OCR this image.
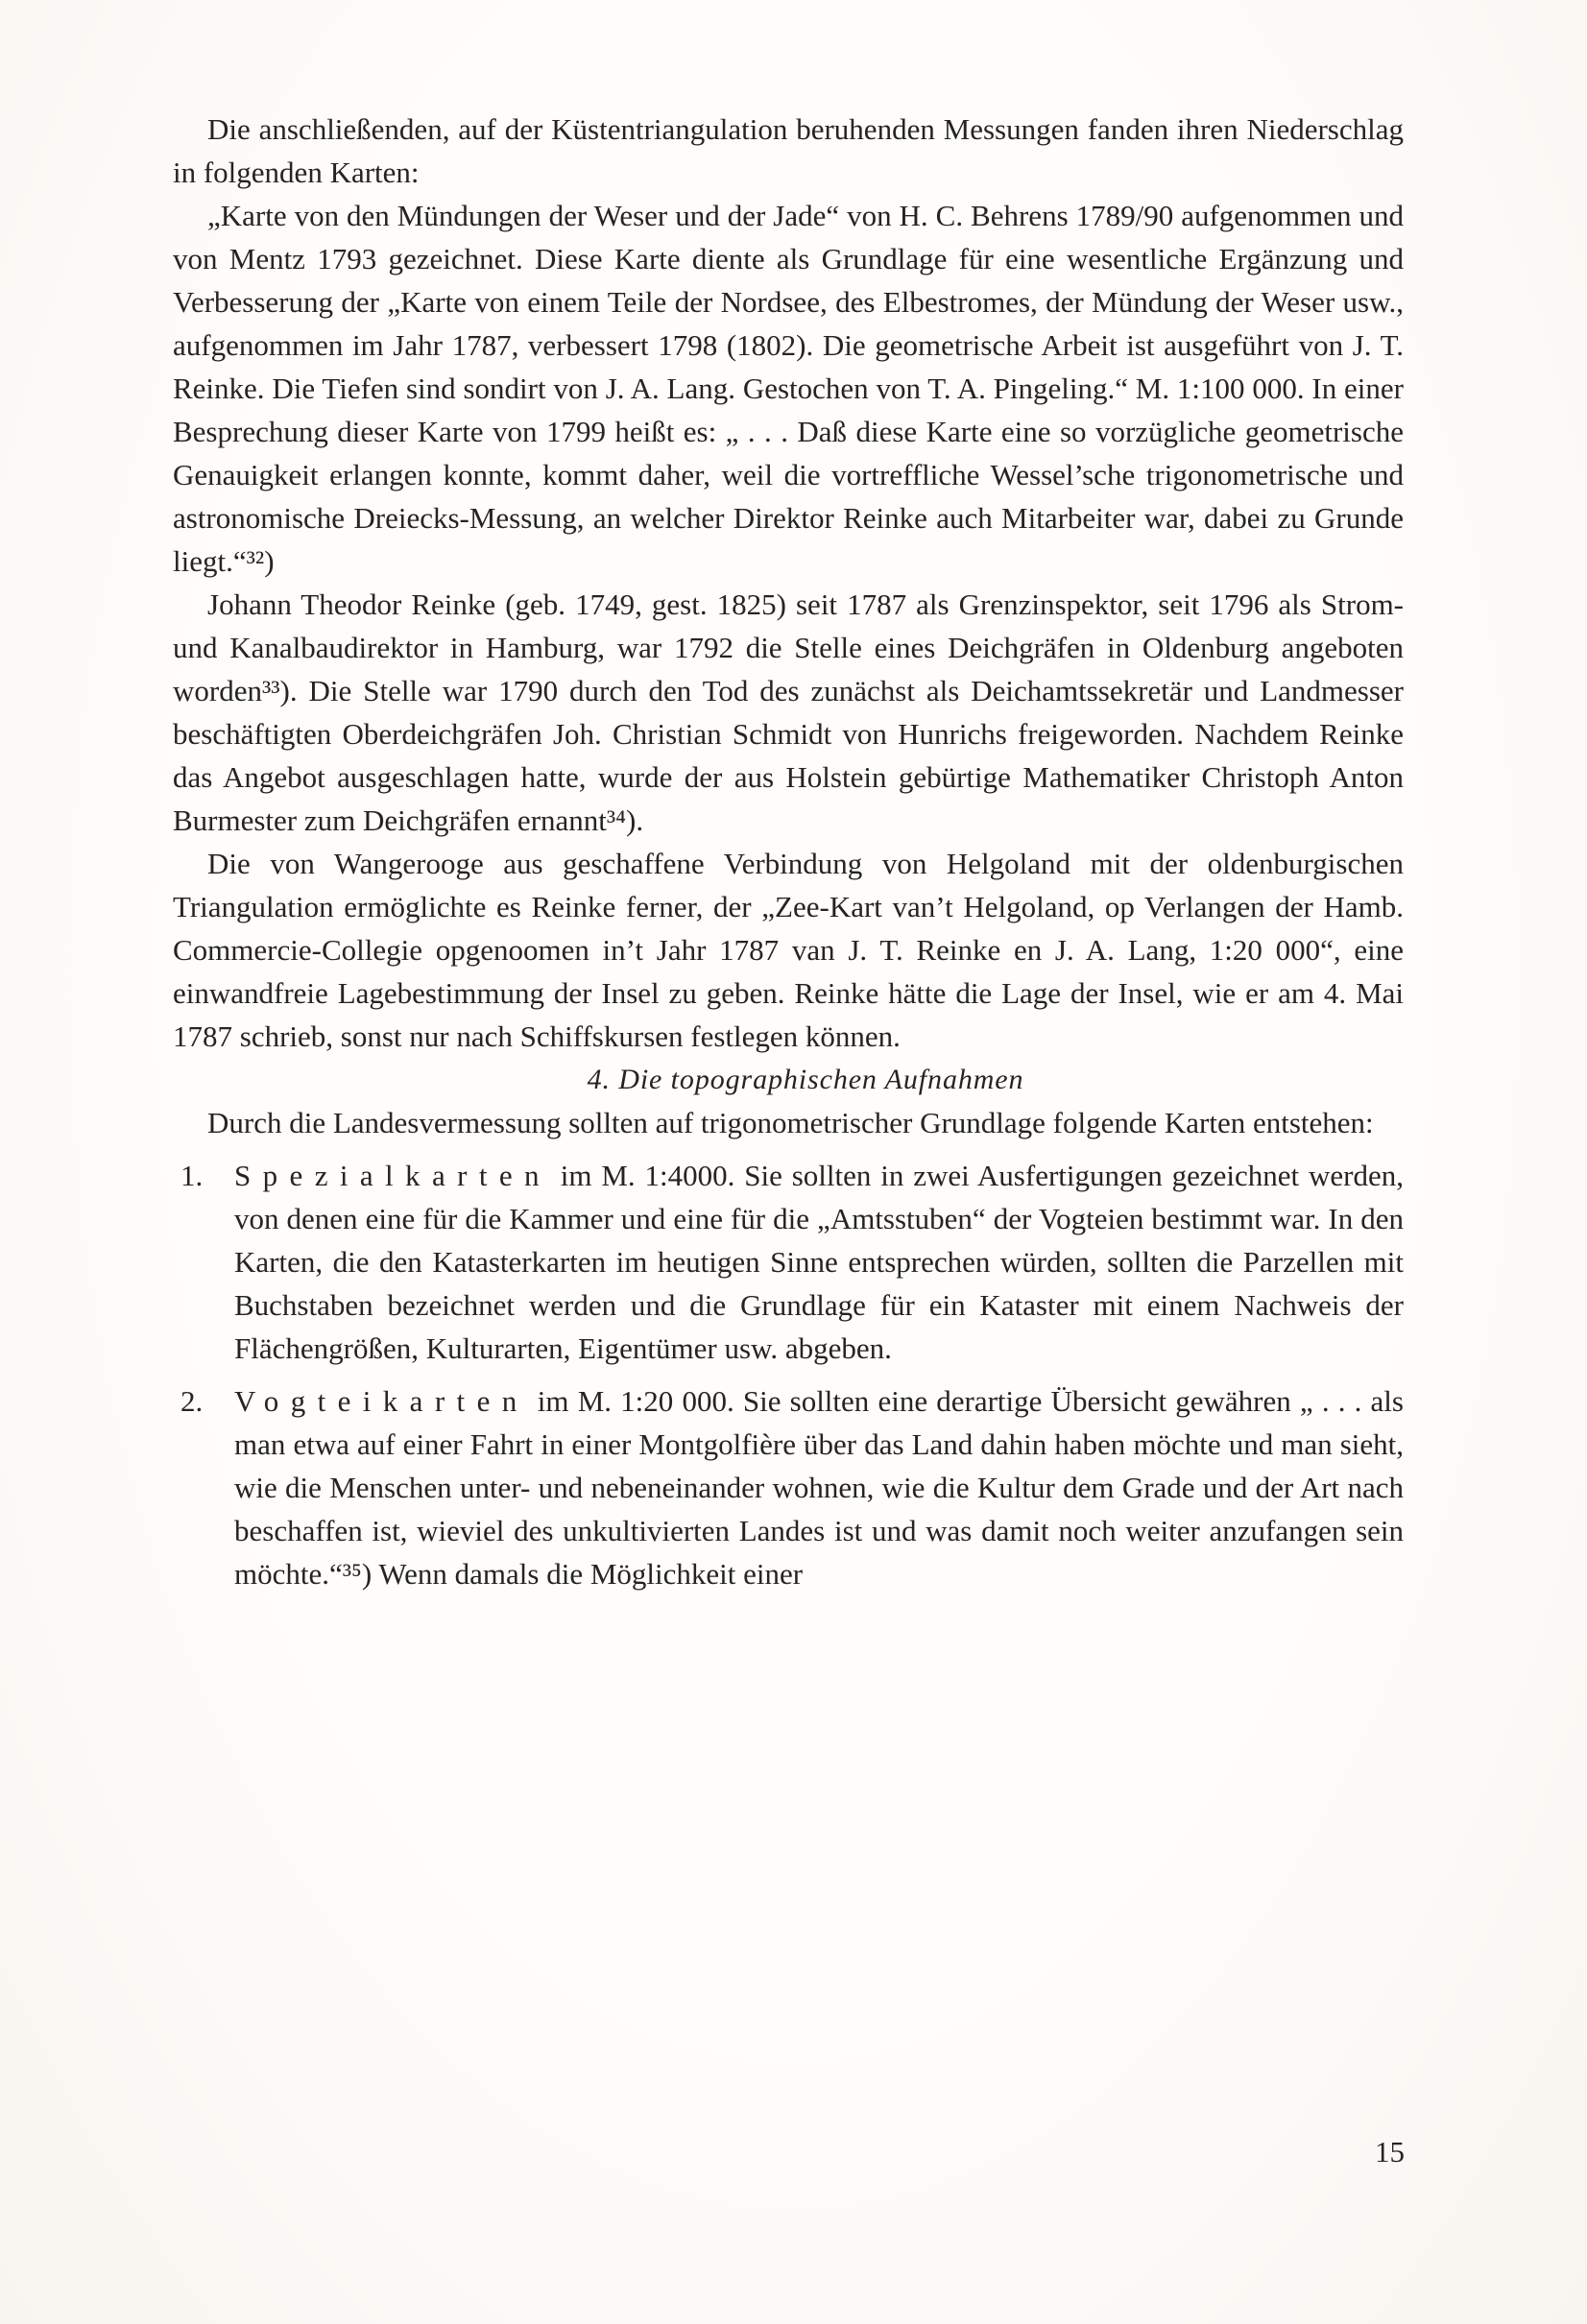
Die anschließenden, auf der Küstentriangulation beruhenden Messungen fanden ihren Niederschlag in folgenden Karten:

„Karte von den Mündungen der Weser und der Jade“ von H. C. Behrens 1789/90 aufgenommen und von Mentz 1793 gezeichnet. Diese Karte diente als Grundlage für eine wesentliche Ergänzung und Verbesserung der „Karte von einem Teile der Nordsee, des Elbestromes, der Mündung der Weser usw., aufgenommen im Jahr 1787, verbessert 1798 (1802). Die geometrische Arbeit ist ausgeführt von J. T. Reinke. Die Tiefen sind sondirt von J. A. Lang. Gestochen von T. A. Pingeling.“ M. 1:100 000. In einer Besprechung dieser Karte von 1799 heißt es: „ . . . Daß diese Karte eine so vorzügliche geometrische Genauigkeit erlangen konnte, kommt daher, weil die vortreffliche Wessel’sche trigonometrische und astronomische Dreiecks-Messung, an welcher Direktor Reinke auch Mitarbeiter war, dabei zu Grunde liegt.“³²)

Johann Theodor Reinke (geb. 1749, gest. 1825) seit 1787 als Grenzinspektor, seit 1796 als Strom- und Kanalbaudirektor in Hamburg, war 1792 die Stelle eines Deichgräfen in Oldenburg angeboten worden³³). Die Stelle war 1790 durch den Tod des zunächst als Deichamtssekretär und Landmesser beschäftigten Oberdeichgräfen Joh. Christian Schmidt von Hunrichs freigeworden. Nachdem Reinke das Angebot ausgeschlagen hatte, wurde der aus Holstein gebürtige Mathematiker Christoph Anton Burmester zum Deichgräfen ernannt³⁴).

Die von Wangerooge aus geschaffene Verbindung von Helgoland mit der oldenburgischen Triangulation ermöglichte es Reinke ferner, der „Zee-Kart van’t Helgoland, op Verlangen der Hamb. Commercie-Collegie opgenoomen in’t Jahr 1787 van J. T. Reinke en J. A. Lang, 1:20 000“, eine einwandfreie Lagebestimmung der Insel zu geben. Reinke hätte die Lage der Insel, wie er am 4. Mai 1787 schrieb, sonst nur nach Schiffskursen festlegen können.

4. Die topographischen Aufnahmen

Durch die Landesvermessung sollten auf trigonometrischer Grundlage folgende Karten entstehen:

1. Spezialkarten im M. 1:4000. Sie sollten in zwei Ausfertigungen gezeichnet werden, von denen eine für die Kammer und eine für die „Amtsstuben“ der Vogteien bestimmt war. In den Karten, die den Katasterkarten im heutigen Sinne entsprechen würden, sollten die Parzellen mit Buchstaben bezeichnet werden und die Grundlage für ein Kataster mit einem Nachweis der Flächengrößen, Kulturarten, Eigentümer usw. abgeben.
2. Vogteikarten im M. 1:20 000. Sie sollten eine derartige Übersicht gewähren „ . . . als man etwa auf einer Fahrt in einer Montgolfière über das Land dahin haben möchte und man sieht, wie die Menschen unter- und nebeneinander wohnen, wie die Kultur dem Grade und der Art nach beschaffen ist, wieviel des unkultivierten Landes ist und was damit noch weiter anzufangen sein möchte.“³⁵) Wenn damals die Möglichkeit einer
15
